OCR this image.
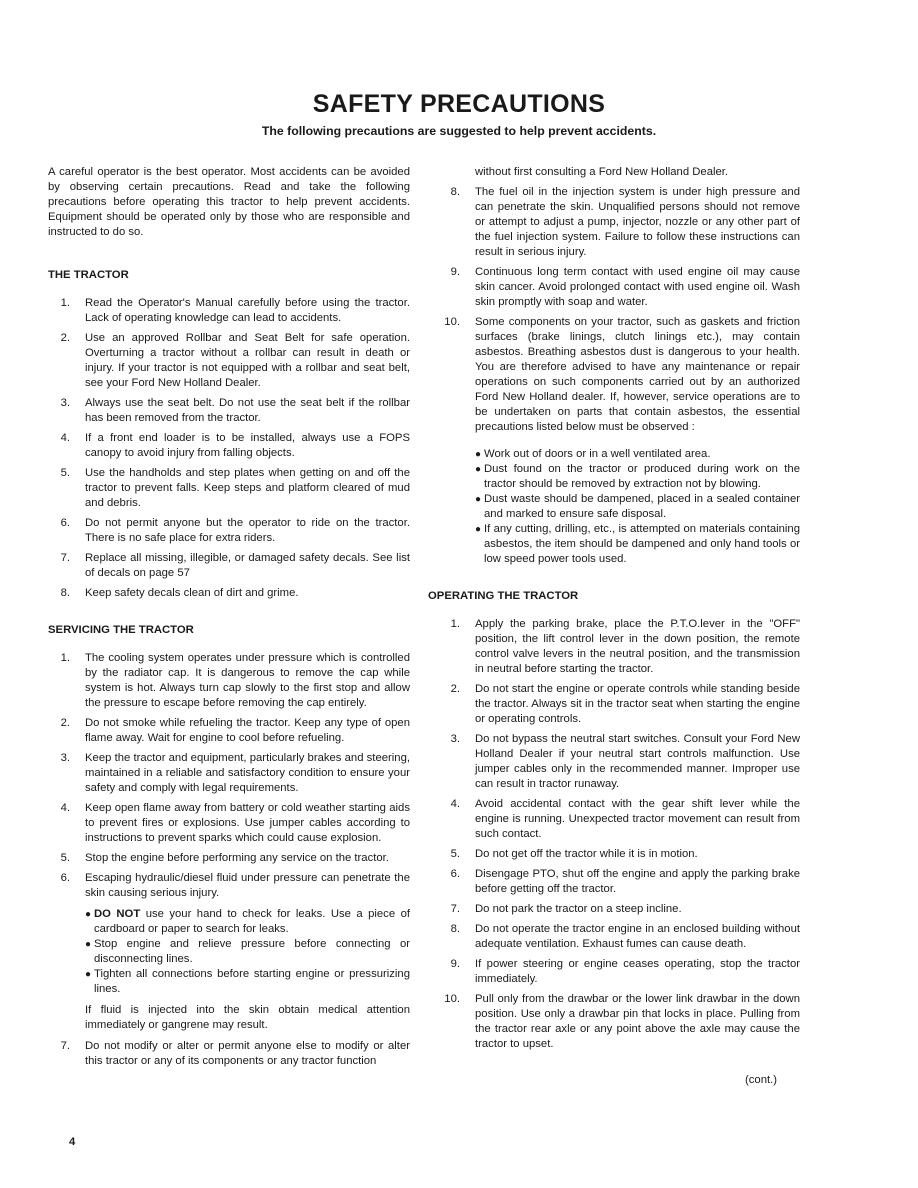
SAFETY PRECAUTIONS
The following precautions are suggested to help prevent accidents.

A careful operator is the best operator. Most accidents can be avoided by observing certain precautions. Read and take the following precautions before operating this tractor to help prevent accidents. Equipment should be operated only by those who are responsible and instructed to do so.

THE TRACTOR
1. Read the Operator's Manual carefully before using the tractor. Lack of operating knowledge can lead to accidents.
2. Use an approved Rollbar and Seat Belt for safe operation. Overturning a tractor without a rollbar can result in death or injury. If your tractor is not equipped with a rollbar and seat belt, see your Ford New Holland Dealer.
3. Always use the seat belt. Do not use the seat belt if the rollbar has been removed from the tractor.
4. If a front end loader is to be installed, always use a FOPS canopy to avoid injury from falling objects.
5. Use the handholds and step plates when getting on and off the tractor to prevent falls. Keep steps and platform cleared of mud and debris.
6. Do not permit anyone but the operator to ride on the tractor. There is no safe place for extra riders.
7. Replace all missing, illegible, or damaged safety decals. See list of decals on page 57
8. Keep safety decals clean of dirt and grime.
SERVICING THE TRACTOR
1. The cooling system operates under pressure which is controlled by the radiator cap. It is dangerous to remove the cap while system is hot. Always turn cap slowly to the first stop and allow the pressure to escape before removing the cap entirely.
2. Do not smoke while refueling the tractor. Keep any type of open flame away. Wait for engine to cool before refueling.
3. Keep the tractor and equipment, particularly brakes and steering, maintained in a reliable and satisfactory condition to ensure your safety and comply with legal requirements.
4. Keep open flame away from battery or cold weather starting aids to prevent fires or explosions. Use jumper cables according to instructions to prevent sparks which could cause explosion.
5. Stop the engine before performing any service on the tractor.
6. Escaping hydraulic/diesel fluid under pressure can penetrate the skin causing serious injury.
● DO NOT use your hand to check for leaks. Use a piece of cardboard or paper to search for leaks.
● Stop engine and relieve pressure before connecting or disconnecting lines.
● Tighten all connections before starting engine or pressurizing lines.

If fluid is injected into the skin obtain medical attention immediately or gangrene may result.

7. Do not modify or alter or permit anyone else to modify or alter this tractor or any of its components or any tractor function

without first consulting a Ford New Holland Dealer.

8. The fuel oil in the injection system is under high pressure and can penetrate the skin. Unqualified persons should not remove or attempt to adjust a pump, injector, nozzle or any other part of the fuel injection system. Failure to follow these instructions can result in serious injury.
9. Continuous long term contact with used engine oil may cause skin cancer. Avoid prolonged contact with used engine oil. Wash skin promptly with soap and water.
10. Some components on your tractor, such as gaskets and friction surfaces (brake linings, clutch linings etc.), may contain asbestos. Breathing asbestos dust is dangerous to your health. You are therefore advised to have any maintenance or repair operations on such components carried out by an authorized Ford New Holland dealer. If, however, service operations are to be undertaken on parts that contain asbestos, the essential precautions listed below must be observed :
● Work out of doors or in a well ventilated area.
● Dust found on the tractor or produced during work on the tractor should be removed by extraction not by blowing.
● Dust waste should be dampened, placed in a sealed container and marked to ensure safe disposal.
● If any cutting, drilling, etc., is attempted on materials containing asbestos, the item should be dampened and only hand tools or low speed power tools used.
OPERATING THE TRACTOR
1. Apply the parking brake, place the P.T.O.lever in the "OFF" position, the lift control lever in the down position, the remote control valve levers in the neutral position, and the transmission in neutral before starting the tractor.
2. Do not start the engine or operate controls while standing beside the tractor. Always sit in the tractor seat when starting the engine or operating controls.
3. Do not bypass the neutral start switches. Consult your Ford New Holland Dealer if your neutral start controls malfunction. Use jumper cables only in the recommended manner. Improper use can result in tractor runaway.
4. Avoid accidental contact with the gear shift lever while the engine is running. Unexpected tractor movement can result from such contact.
5. Do not get off the tractor while it is in motion.
6. Disengage PTO, shut off the engine and apply the parking brake before getting off the tractor.
7. Do not park the tractor on a steep incline.
8. Do not operate the tractor engine in an enclosed building without adequate ventilation. Exhaust fumes can cause death.
9. If power steering or engine ceases operating, stop the tractor immediately.
10. Pull only from the drawbar or the lower link drawbar in the down position. Use only a drawbar pin that locks in place. Pulling from the tractor rear axle or any point above the axle may cause the tractor to upset.
(cont.)
4
